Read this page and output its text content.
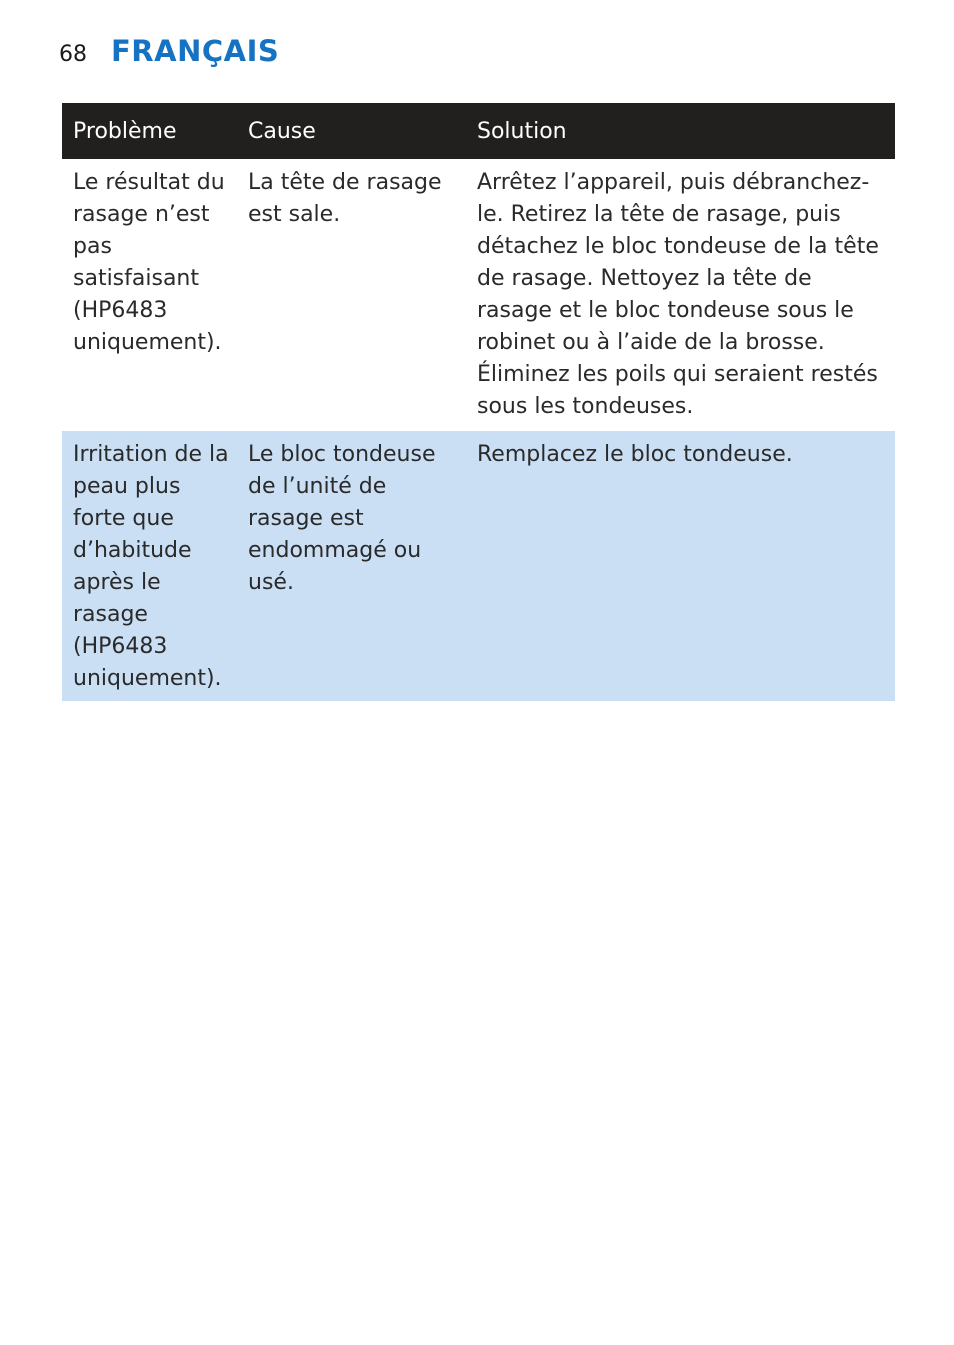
68 FRANÇAIS
Problème	Cause	Solution
Le résultat du rasage n’est pas satisfaisant (HP6483 uniquement).	La tête de rasage est sale.	Arrêtez l’appareil, puis débranchez-le. Retirez la tête de rasage, puis détachez le bloc tondeuse de la tête de rasage. Nettoyez la tête de rasage et le bloc tondeuse sous le robinet ou à l’aide de la brosse. Éliminez les poils qui seraient restés sous les tondeuses.
Irritation de la peau plus forte que d’habitude après le rasage (HP6483 uniquement).	Le bloc tondeuse de l’unité de rasage est endommagé ou usé.	Remplacez le bloc tondeuse.
